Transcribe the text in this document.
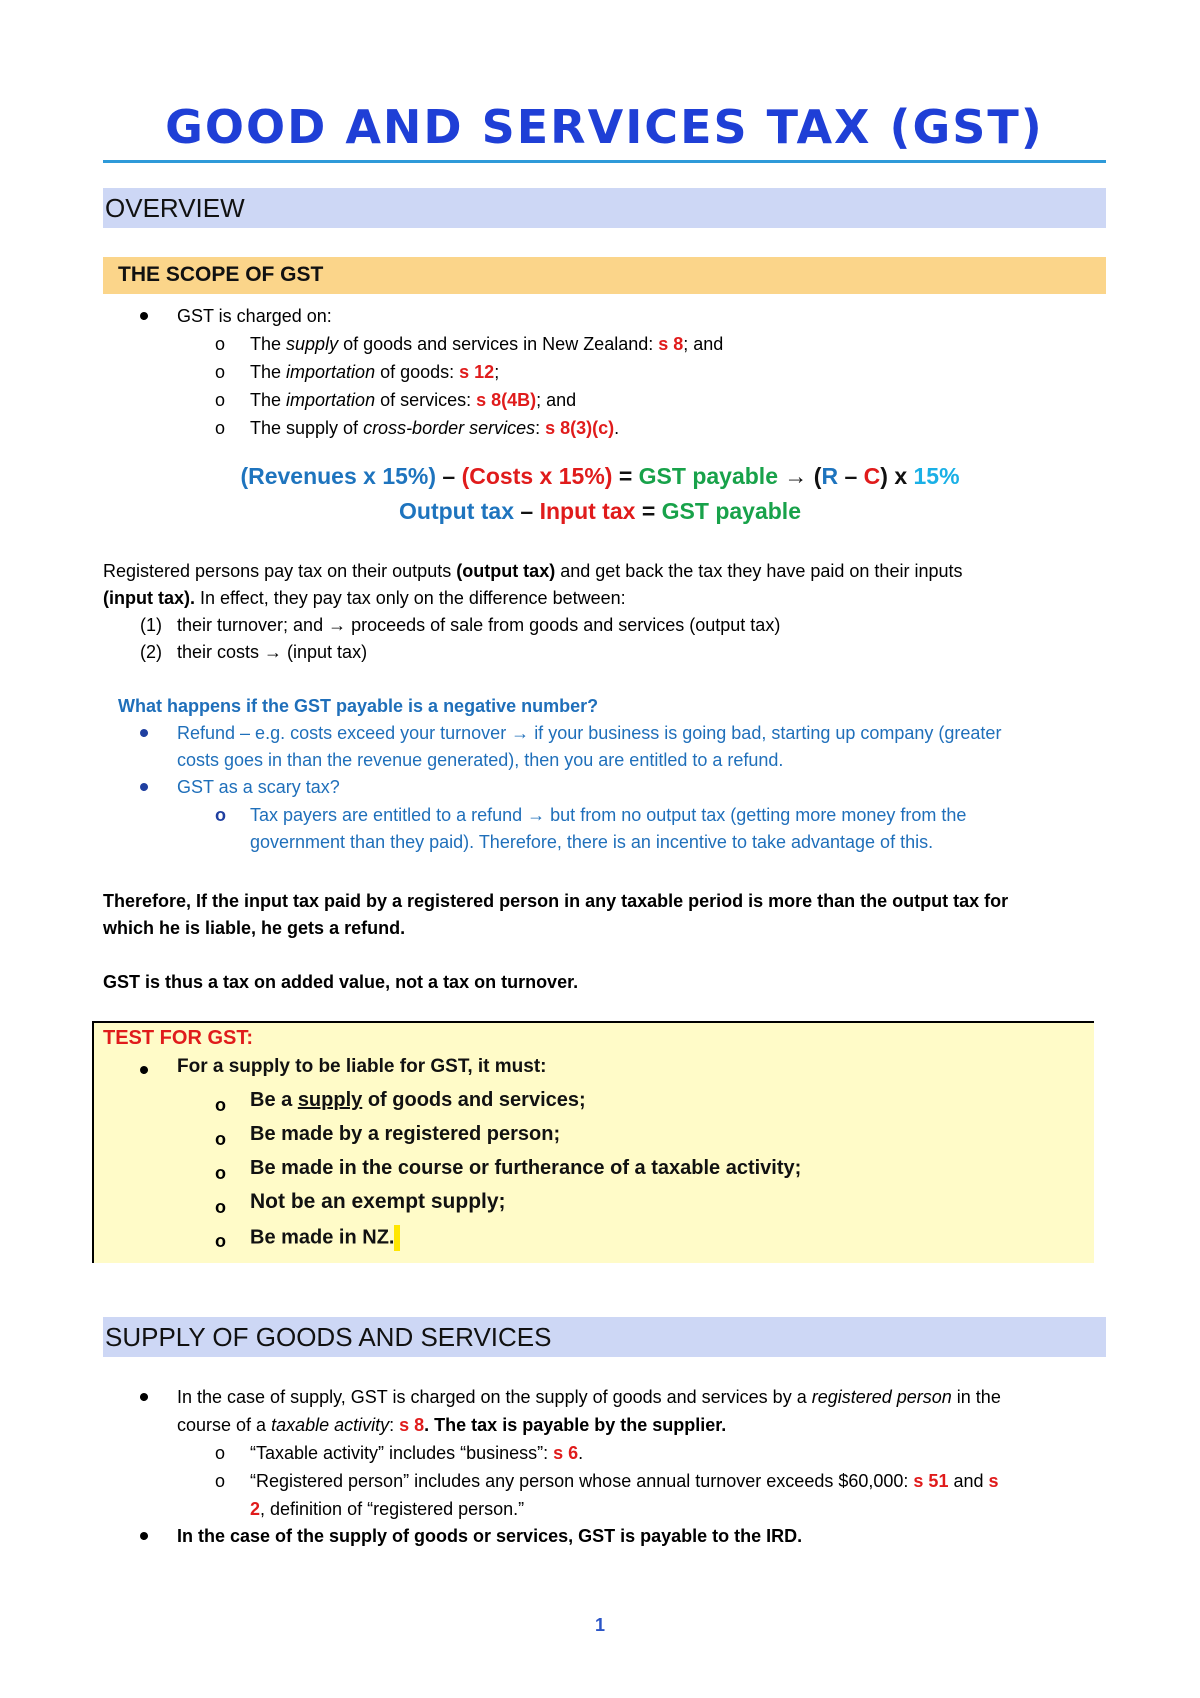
GOOD AND SERVICES TAX (GST)
OVERVIEW
THE SCOPE OF GST
GST is charged on:
o The supply of goods and services in New Zealand: s 8; and
o The importation of goods: s 12;
o The importation of services: s 8(4B); and
o The supply of cross-border services: s 8(3)(c).
(Revenues x 15%) – (Costs x 15%) = GST payable → (R – C) x 15%
Output tax – Input tax = GST payable
Registered persons pay tax on their outputs (output tax) and get back the tax they have paid on their inputs
(input tax). In effect, they pay tax only on the difference between:
(1) their turnover; and → proceeds of sale from goods and services (output tax)
(2) their costs → (input tax)
What happens if the GST payable is a negative number?
Refund – e.g. costs exceed your turnover → if your business is going bad, starting up company (greater
costs goes in than the revenue generated), then you are entitled to a refund.
GST as a scary tax?
o Tax payers are entitled to a refund → but from no output tax (getting more money from the
government than they paid). Therefore, there is an incentive to take advantage of this.
Therefore, If the input tax paid by a registered person in any taxable period is more than the output tax for
which he is liable, he gets a refund.
GST is thus a tax on added value, not a tax on turnover.
TEST FOR GST:
For a supply to be liable for GST, it must:
o Be a supply of goods and services;
o Be made by a registered person;
o Be made in the course or furtherance of a taxable activity;
o Not be an exempt supply;
o Be made in NZ.
SUPPLY OF GOODS AND SERVICES
In the case of supply, GST is charged on the supply of goods and services by a registered person in the
course of a taxable activity: s 8. The tax is payable by the supplier.
o “Taxable activity” includes “business”: s 6.
o “Registered person” includes any person whose annual turnover exceeds $60,000: s 51 and s
2, definition of “registered person.”
In the case of the supply of goods or services, GST is payable to the IRD.
1
